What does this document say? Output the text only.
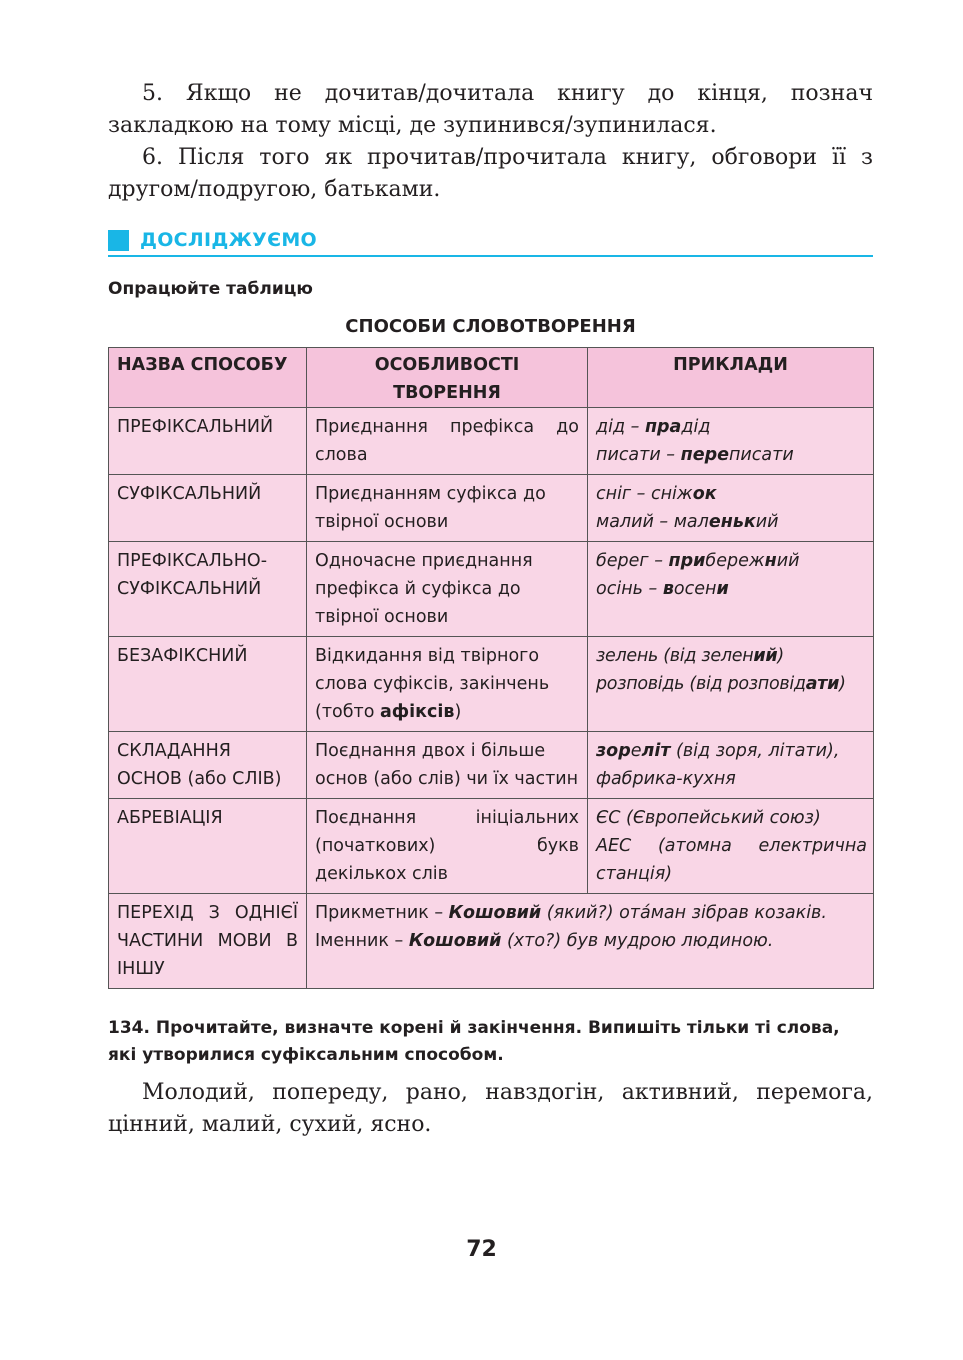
5. Якщо не дочитав/дочитала книгу до кінця, познач закладкою на тому місці, де зупинився/зупинилася.

6. Після того як прочитав/прочитала книгу, обговори її з другом/подругою, батьками.

ДОСЛІДЖУЄМО
Опрацюйте таблицю
СПОСОБИ СЛОВОТВОРЕННЯ
НАЗВА СПОСОБУ	ОСОБЛИВОСТІ ТВОРЕННЯ	ПРИКЛАДИ
ПРЕФІКСАЛЬНИЙ	Приєднання префікса до слова	дід – прадід
писати – переписати

СУФІКСАЛЬНИЙ	Приєднанням суфікса до твірної основи	сніг – сніжок
малий – маленький

ПРЕФІКСАЛЬНО-СУФІКСАЛЬНИЙ	Одночасне приєднання префікса й суфікса до твірної основи	берег – прибережний
осінь – восени

БЕЗАФІКСНИЙ	Відкидання від твірного слова суфіксів, закінчень (тобто афіксів)	зелень (від зелений)
розповідь (від розповідати)

СКЛАДАННЯ ОСНОВ (або СЛІВ)	Поєднання двох і більше основ (або слів) чи їх частин	зореліт (від зоря, літати),
фабрика-кухня

АБРЕВІАЦІЯ	Поєднання ініціальних (початкових) букв декількох слів	ЄС (Європейський союз)
АЕС (атомна електрична станція)

ПЕРЕХІД З ОДНІЄЇ ЧАСТИНИ МОВИ В ІНШУ	Прикметник – Кошовий (який?) ота́ман зібрав козаків.
Іменник – Кошовий (хто?) був мудрою людиною.	
134. Прочитайте, визначте корені й закінчення. Випишіть тільки ті слова, які утворилися суфіксальним способом.

Молодий, попереду, рано, навздогін, активний, перемога, цінний, малий, сухий, ясно.

72
